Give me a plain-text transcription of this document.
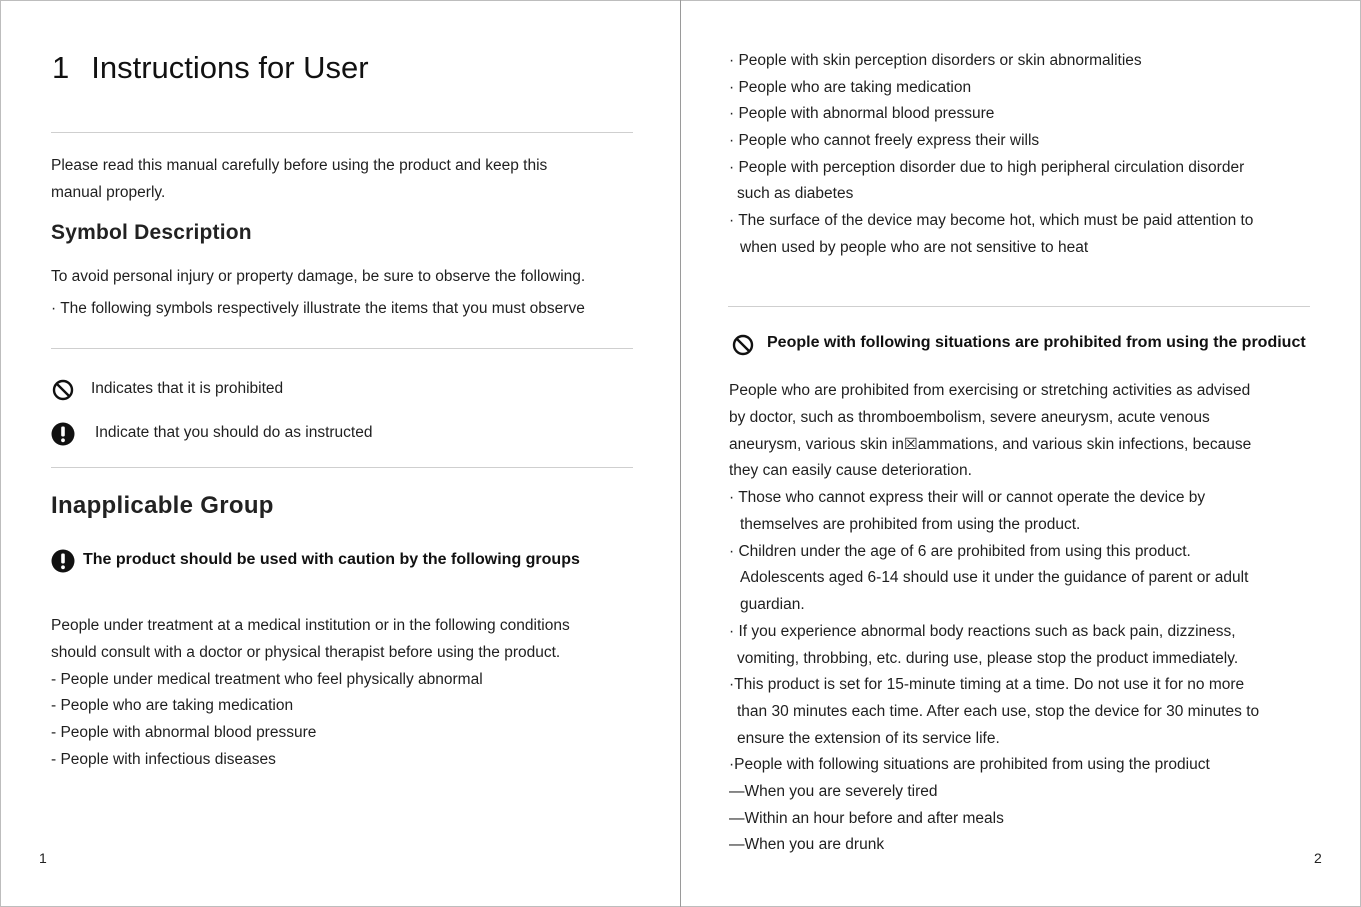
1 Instructions for User
Please read this manual carefully before using the product and keep this
manual properly.
Symbol Description
To avoid personal injury or property damage, be sure to observe the following.
· The following symbols respectively illustrate the items that you must observe
Indicates that it is prohibited
Indicate that you should do as instructed
Inapplicable Group
The product should be used with caution by the following groups
People under treatment at a medical institution or in the following conditions
should consult with a doctor or physical therapist before using the product.
- People under medical treatment who feel physically abnormal
- People who are taking medication
- People with abnormal blood pressure
- People with infectious diseases
1
· People with skin perception disorders or skin abnormalities
· People who are taking medication
· People with abnormal blood pressure
· People who cannot freely express their wills
· People with perception disorder due to high peripheral circulation disorder
such as diabetes
· The surface of the device may become hot, which must be paid attention to
when used by people who are not sensitive to heat
People with following situations are prohibited from using the prodiuct
People who are prohibited from exercising or stretching activities as advised
by doctor, such as thromboembolism, severe aneurysm, acute venous
aneurysm, various skin in☒ammations, and various skin infections, because
they can easily cause deterioration.
· Those who cannot express their will or cannot operate the device by
themselves are prohibited from using the product.
· Children under the age of 6 are prohibited from using this product.
Adolescents aged 6-14 should use it under the guidance of parent or adult
guardian.
· If you experience abnormal body reactions such as back pain, dizziness,
vomiting, throbbing, etc. during use, please stop the product immediately.
·This product is set for 15-minute timing at a time. Do not use it for no more
than 30 minutes each time. After each use, stop the device for 30 minutes to
ensure the extension of its service life.
·People with following situations are prohibited from using the prodiuct
—When you are severely tired
—Within an hour before and after meals
—When you are drunk
2
